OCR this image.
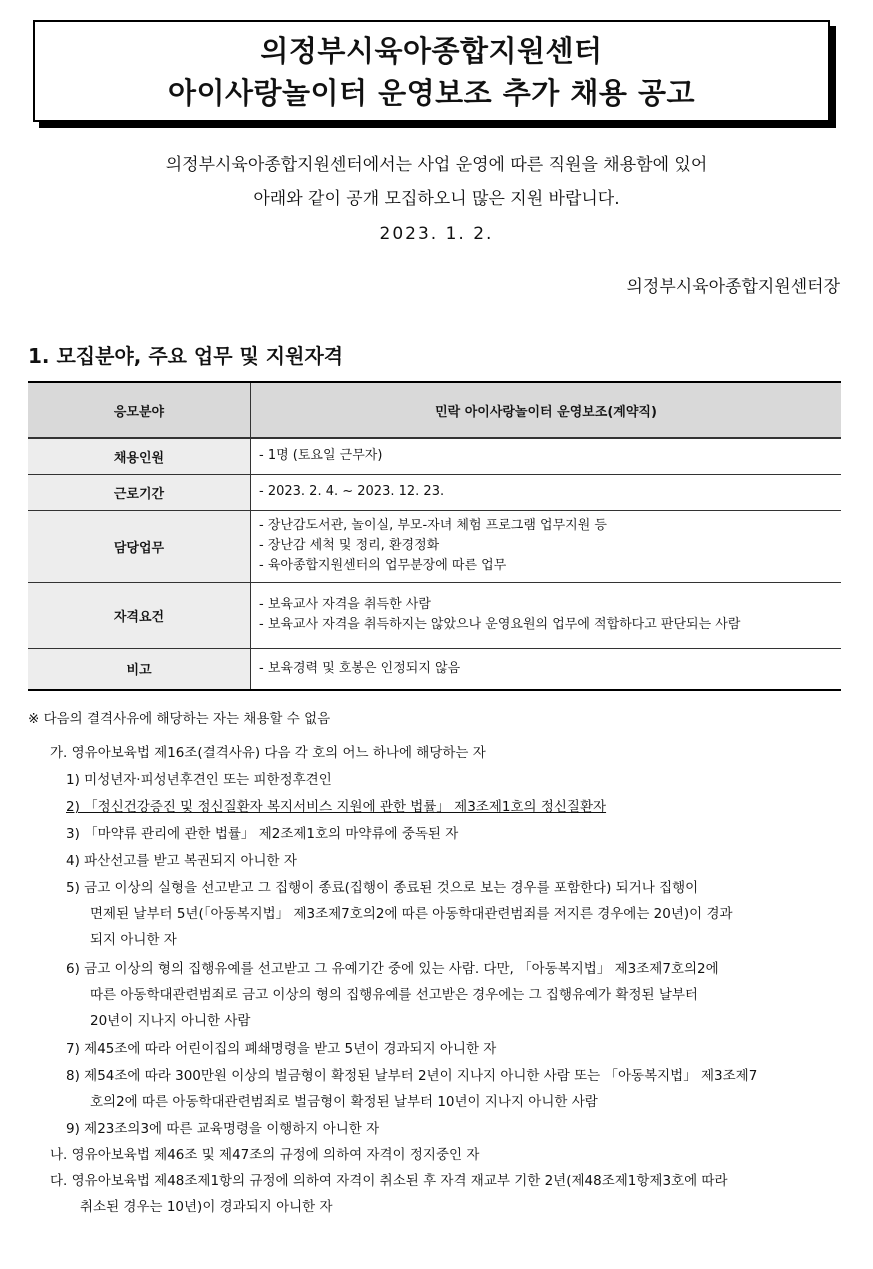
의정부시육아종합지원센터
아이사랑놀이터 운영보조 추가 채용 공고
의정부시육아종합지원센터에서는 사업 운영에 따른 직원을 채용함에 있어
아래와 같이 공개 모집하오니 많은 지원 바랍니다.
2023. 1. 2.
의정부시육아종합지원센터장
1. 모집분야, 주요 업무 및 지원자격
응모분야	민락 아이사랑놀이터 운영보조(계약직)
채용인원	- 1명 (토요일 근무자)

근로기간	- 2023. 2. 4. ~ 2023. 12. 23.

담당업무	- 장난감도서관, 놀이실, 부모-자녀 체험 프로그램 업무지원 등
- 장난감 세척 및 정리, 환경정화
- 육아종합지원센터의 업무분장에 따른 업무

자격요건	- 보육교사 자격을 취득한 사람
- 보육교사 자격을 취득하지는 않았으나 운영요원의 업무에 적합하다고 판단되는 사람

비고	- 보육경력 및 호봉은 인정되지 않음
※ 다음의 결격사유에 해당하는 자는 채용할 수 없음
가. 영유아보육법 제16조(결격사유) 다음 각 호의 어느 하나에 해당하는 자
1) 미성년자·피성년후견인 또는 피한정후견인
2) 「정신건강증진 및 정신질환자 복지서비스 지원에 관한 법률」 제3조제1호의 정신질환자
3) 「마약류 관리에 관한 법률」 제2조제1호의 마약류에 중독된 자
4) 파산선고를 받고 복권되지 아니한 자
5) 금고 이상의 실형을 선고받고 그 집행이 종료(집행이 종료된 것으로 보는 경우를 포함한다) 되거나 집행이
면제된 날부터 5년(「아동복지법」 제3조제7호의2에 따른 아동학대관련범죄를 저지른 경우에는 20년)이 경과
되지 아니한 자
6) 금고 이상의 형의 집행유예를 선고받고 그 유예기간 중에 있는 사람. 다만, 「아동복지법」 제3조제7호의2에
따른 아동학대관련범죄로 금고 이상의 형의 집행유예를 선고받은 경우에는 그 집행유예가 확정된 날부터
20년이 지나지 아니한 사람
7) 제45조에 따라 어린이집의 폐쇄명령을 받고 5년이 경과되지 아니한 자
8) 제54조에 따라 300만원 이상의 벌금형이 확정된 날부터 2년이 지나지 아니한 사람 또는 「아동복지법」 제3조제7
호의2에 따른 아동학대관련범죄로 벌금형이 확정된 날부터 10년이 지나지 아니한 사람
9) 제23조의3에 따른 교육명령을 이행하지 아니한 자
나. 영유아보육법 제46조 및 제47조의 규정에 의하여 자격이 정지중인 자
다. 영유아보육법 제48조제1항의 규정에 의하여 자격이 취소된 후 자격 재교부 기한 2년(제48조제1항제3호에 따라
취소된 경우는 10년)이 경과되지 아니한 자
